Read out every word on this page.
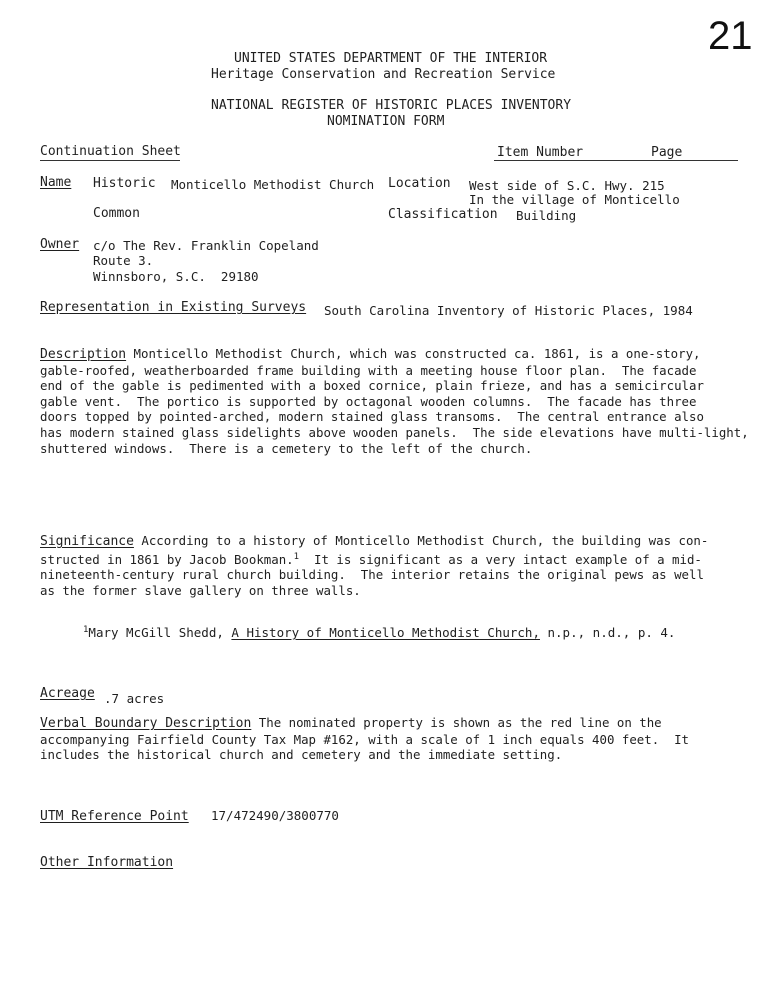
21
UNITED STATES DEPARTMENT OF THE INTERIOR
Heritage Conservation and Recreation Service
NATIONAL REGISTER OF HISTORIC PLACES INVENTORY
NOMINATION FORM
Continuation Sheet	Item Number	Page
Name Historic Monticello Methodist Church Location West side of S.C. Hwy. 215
In the village of Monticello
Common	Classification Building
Owner c/o The Rev. Franklin Copeland
Route 3.
Winnsboro, S.C.  29180
Representation in Existing Surveys South Carolina Inventory of Historic Places, 1984
Description Monticello Methodist Church, which was constructed ca. 1861, is a one-story,
gable-roofed, weatherboarded frame building with a meeting house floor plan.  The facade
end of the gable is pedimented with a boxed cornice, plain frieze, and has a semicircular
gable vent.  The portico is supported by octagonal wooden columns.  The facade has three
doors topped by pointed-arched, modern stained glass transoms.  The central entrance also
has modern stained glass sidelights above wooden panels.  The side elevations have multi-light,
shuttered windows.  There is a cemetery to the left of the church.
Significance According to a history of Monticello Methodist Church, the building was con-
structed in 1861 by Jacob Bookman.$^1$  It is significant as a very intact example of a mid-
nineteenth-century rural church building.  The interior retains the original pews as well
as the former slave gallery on three walls.
$^1$Mary McGill Shedd, A History of Monticello Methodist Church, n.p., n.d., p. 4.
Acreage .7 acres
Verbal Boundary Description The nominated property is shown as the red line on the
accompanying Fairfield County Tax Map #162, with a scale of 1 inch equals 400 feet.  It
includes the historical church and cemetery and the immediate setting.
UTM Reference Point 17/472490/3800770
Other Information
